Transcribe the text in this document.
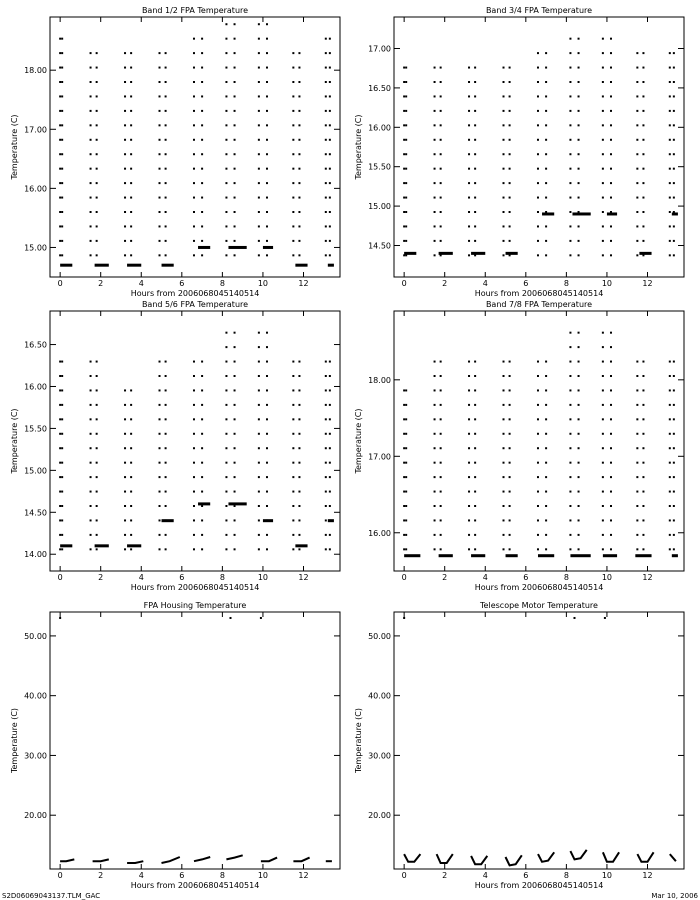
Band 1/2 FPA Temperature
0	2	4	6	8	10	12
15.00
16.00
17.00
18.00
Hours from 2006068045140514
Temperature (C)
Band 3/4 FPA Temperature
0	2	4	6	8	10	12
14.50
15.00
15.50
16.00
16.50
17.00
Hours from 2006068045140514
Temperature (C)
Band 5/6 FPA Temperature
0	2	4	6	8	10	12
14.00
14.50
15.00
15.50
16.00
16.50
Hours from 2006068045140514
Temperature (C)
Band 7/8 FPA Temperature
0	2	4	6	8	10	12
16.00
17.00
18.00
Hours from 2006068045140514
Temperature (C)
FPA Housing Temperature
0	2	4	6	8	10	12
20.00
30.00
40.00
50.00
Hours from 2006068045140514
Temperature (C)
Telescope Motor Temperature
0	2	4	6	8	10	12
20.00
30.00
40.00
50.00
Hours from 2006068045140514
Temperature (C)
S2D06069043137.TLM_GAC	Mar 10, 2006
